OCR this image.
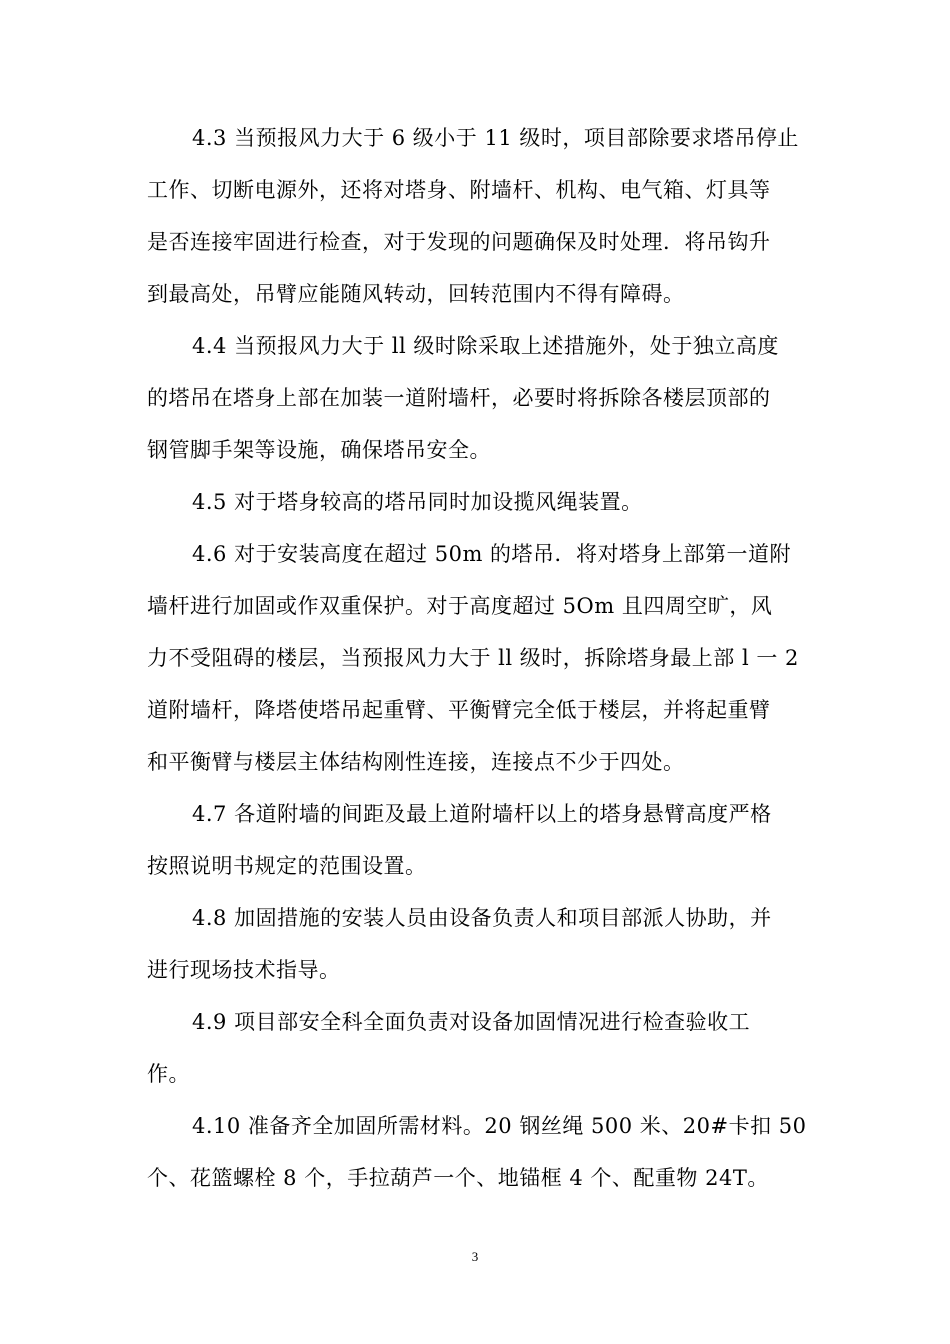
4.3 当预报风力大于 6 级小于 11 级时，项目部除要求塔吊停止
工作、切断电源外，还将对塔身、附墙杆、机构、电气箱、灯具等
是否连接牢固进行检查，对于发现的问题确保及时处理．将吊钩升
到最高处，吊臂应能随风转动，回转范围内不得有障碍。
4.4 当预报风力大于 ll 级时除采取上述措施外，处于独立高度
的塔吊在塔身上部在加装一道附墙杆，必要时将拆除各楼层顶部的
钢管脚手架等设施，确保塔吊安全。
4.5 对于塔身较高的塔吊同时加设揽风绳装置。
4.6 对于安装高度在超过 50m 的塔吊．将对塔身上部第一道附
墙杆进行加固或作双重保护。对于高度超过 5Om 且四周空旷，风
力不受阻碍的楼层，当预报风力大于 ll 级时，拆除塔身最上部 l 一 2
道附墙杆，降塔使塔吊起重臂、平衡臂完全低于楼层，并将起重臂
和平衡臂与楼层主体结构刚性连接，连接点不少于四处。
4.7 各道附墙的间距及最上道附墙杆以上的塔身悬臂高度严格
按照说明书规定的范围设置。
4.8 加固措施的安装人员由设备负责人和项目部派人协助，并
进行现场技术指导。
4.9 项目部安全科全面负责对设备加固情况进行检查验收工
作。
4.10 准备齐全加固所需材料。20 钢丝绳 500 米、20#卡扣 50
个、花篮螺栓 8 个，手拉葫芦一个、地锚框 4 个、配重物 24T。
3
